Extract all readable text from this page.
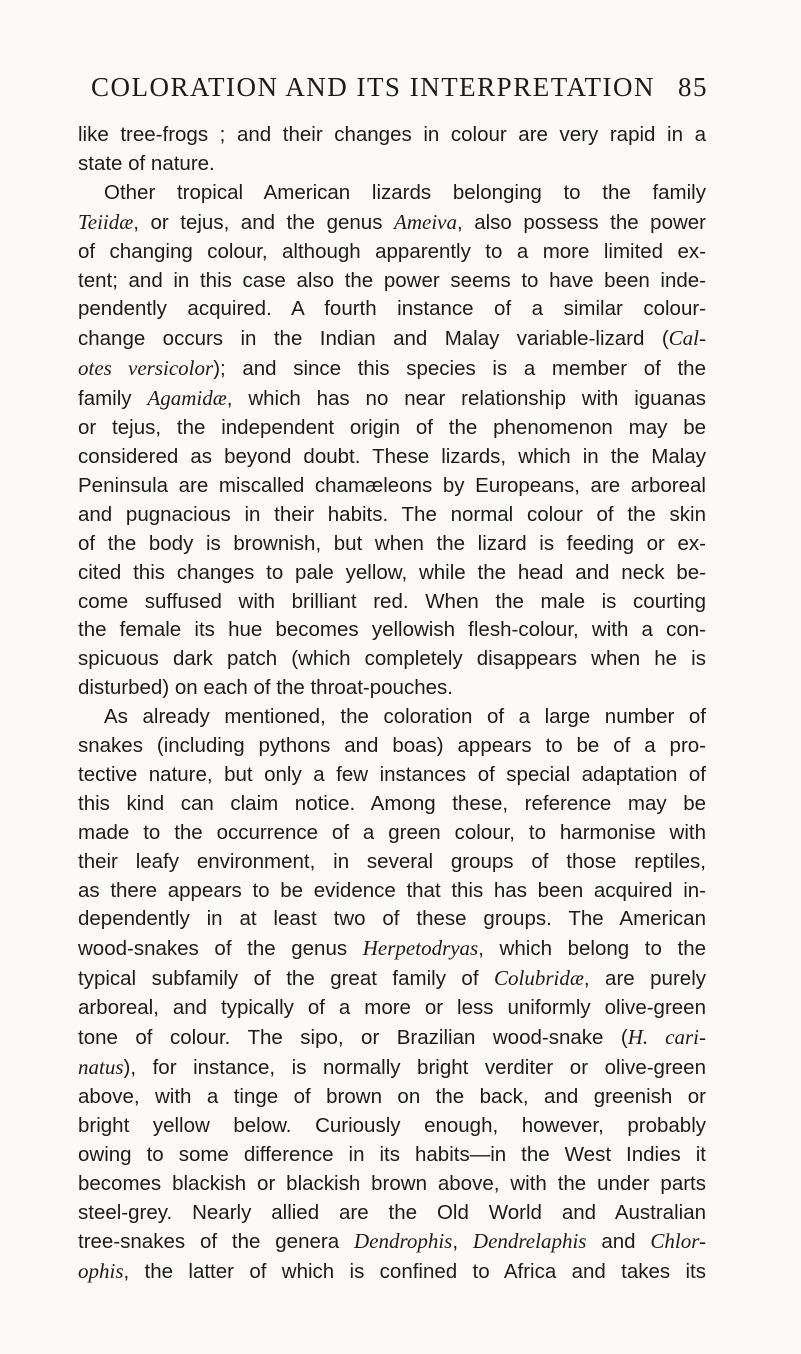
COLORATION AND ITS INTERPRETATION 85
like tree-frogs ; and their changes in colour are very rapid in a
state of nature.
Other tropical American lizards belonging to the family
Teiidæ, or tejus, and the genus Ameiva, also possess the power
of changing colour, although apparently to a more limited ex-
tent; and in this case also the power seems to have been inde-
pendently acquired. A fourth instance of a similar colour-
change occurs in the Indian and Malay variable-lizard (Cal-
otes versicolor); and since this species is a member of the
family Agamidæ, which has no near relationship with iguanas
or tejus, the independent origin of the phenomenon may be
considered as beyond doubt. These lizards, which in the Malay
Peninsula are miscalled chamæleons by Europeans, are arboreal
and pugnacious in their habits. The normal colour of the skin
of the body is brownish, but when the lizard is feeding or ex-
cited this changes to pale yellow, while the head and neck be-
come suffused with brilliant red. When the male is courting
the female its hue becomes yellowish flesh-colour, with a con-
spicuous dark patch (which completely disappears when he is
disturbed) on each of the throat-pouches.
As already mentioned, the coloration of a large number of
snakes (including pythons and boas) appears to be of a pro-
tective nature, but only a few instances of special adaptation of
this kind can claim notice. Among these, reference may be
made to the occurrence of a green colour, to harmonise with
their leafy environment, in several groups of those reptiles,
as there appears to be evidence that this has been acquired in-
dependently in at least two of these groups. The American
wood-snakes of the genus Herpetodryas, which belong to the
typical subfamily of the great family of Colubridæ, are purely
arboreal, and typically of a more or less uniformly olive-green
tone of colour. The sipo, or Brazilian wood-snake (H. cari-
natus), for instance, is normally bright verditer or olive-green
above, with a tinge of brown on the back, and greenish or
bright yellow below. Curiously enough, however, probably
owing to some difference in its habits—in the West Indies it
becomes blackish or blackish brown above, with the under parts
steel-grey. Nearly allied are the Old World and Australian
tree-snakes of the genera Dendrophis, Dendrelaphis and Chlor-
ophis, the latter of which is confined to Africa and takes its
